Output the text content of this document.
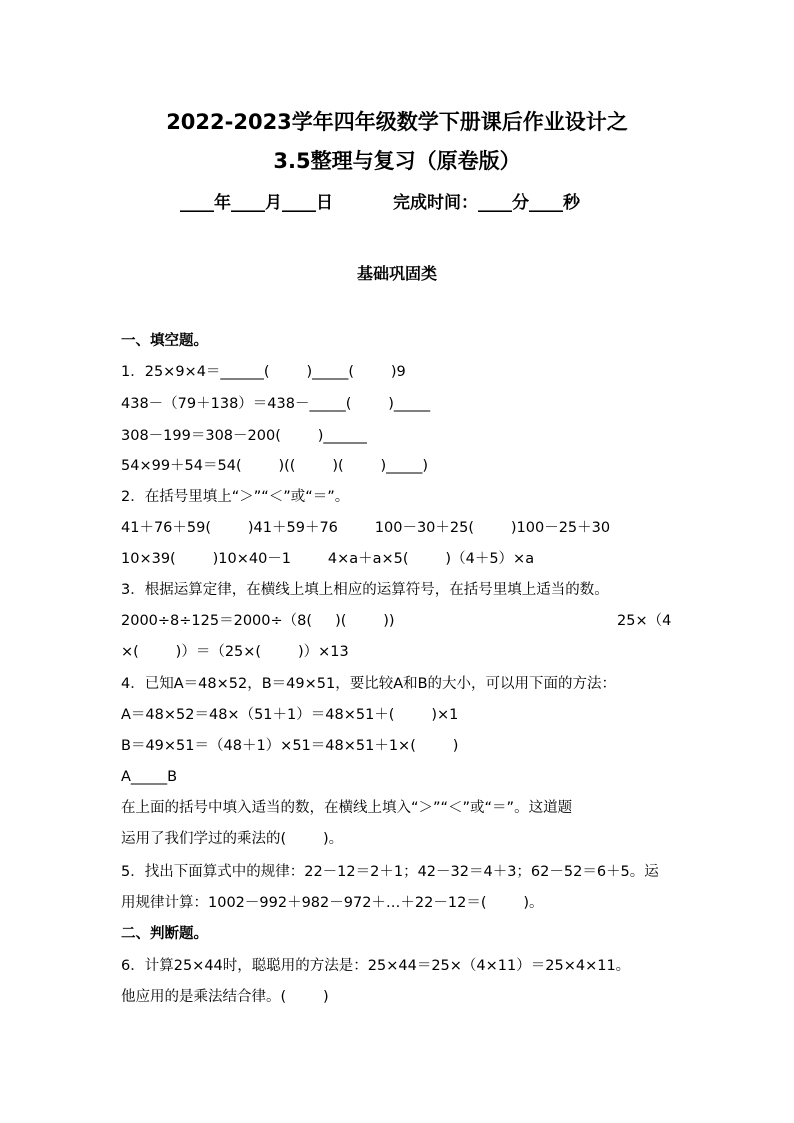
2022-2023学年四年级数学下册课后作业设计之
3.5整理与复习（原卷版）
____年____月____日	完成时间：____分____秒
基础巩固类
一、填空题。
1．25×9×4＝______(        )_____(        )9
438－（79＋138）＝438－_____(        )_____
308－199＝308－200(        )______
54×99＋54＝54(        )((        )(        )_____)
2．在括号里填上“＞”“＜”或“＝”。
41＋76＋59(        )41＋59＋76        100－30＋25(        )100－25＋30
10×39(        )10×40－1        4×a＋a×5(        )（4＋5）×a
3．根据运算定律，在横线上填上相应的运算符号，在括号里填上适当的数。
2000÷8÷125＝2000÷（8(     )(        ))	25×（4
×(        )）＝（25×(        )）×13
4．已知A＝48×52，B＝49×51，要比较A和B的大小，可以用下面的方法：
A＝48×52＝48×（51＋1）＝48×51＋(        )×1
B＝49×51＝（48＋1）×51＝48×51＋1×(        )
A_____B
在上面的括号中填入适当的数，在横线上填入“＞”“＜”或“＝”。这道题
运用了我们学过的乘法的(        )。
5．找出下面算式中的规律：22－12＝2＋1；42－32＝4＋3；62－52＝6＋5。运
用规律计算：1002－992＋982－972＋…＋22－12＝(        )。
二、判断题。
6．计算25×44时，聪聪用的方法是：25×44＝25×（4×11）＝25×4×11。
他应用的是乘法结合律。(        )
